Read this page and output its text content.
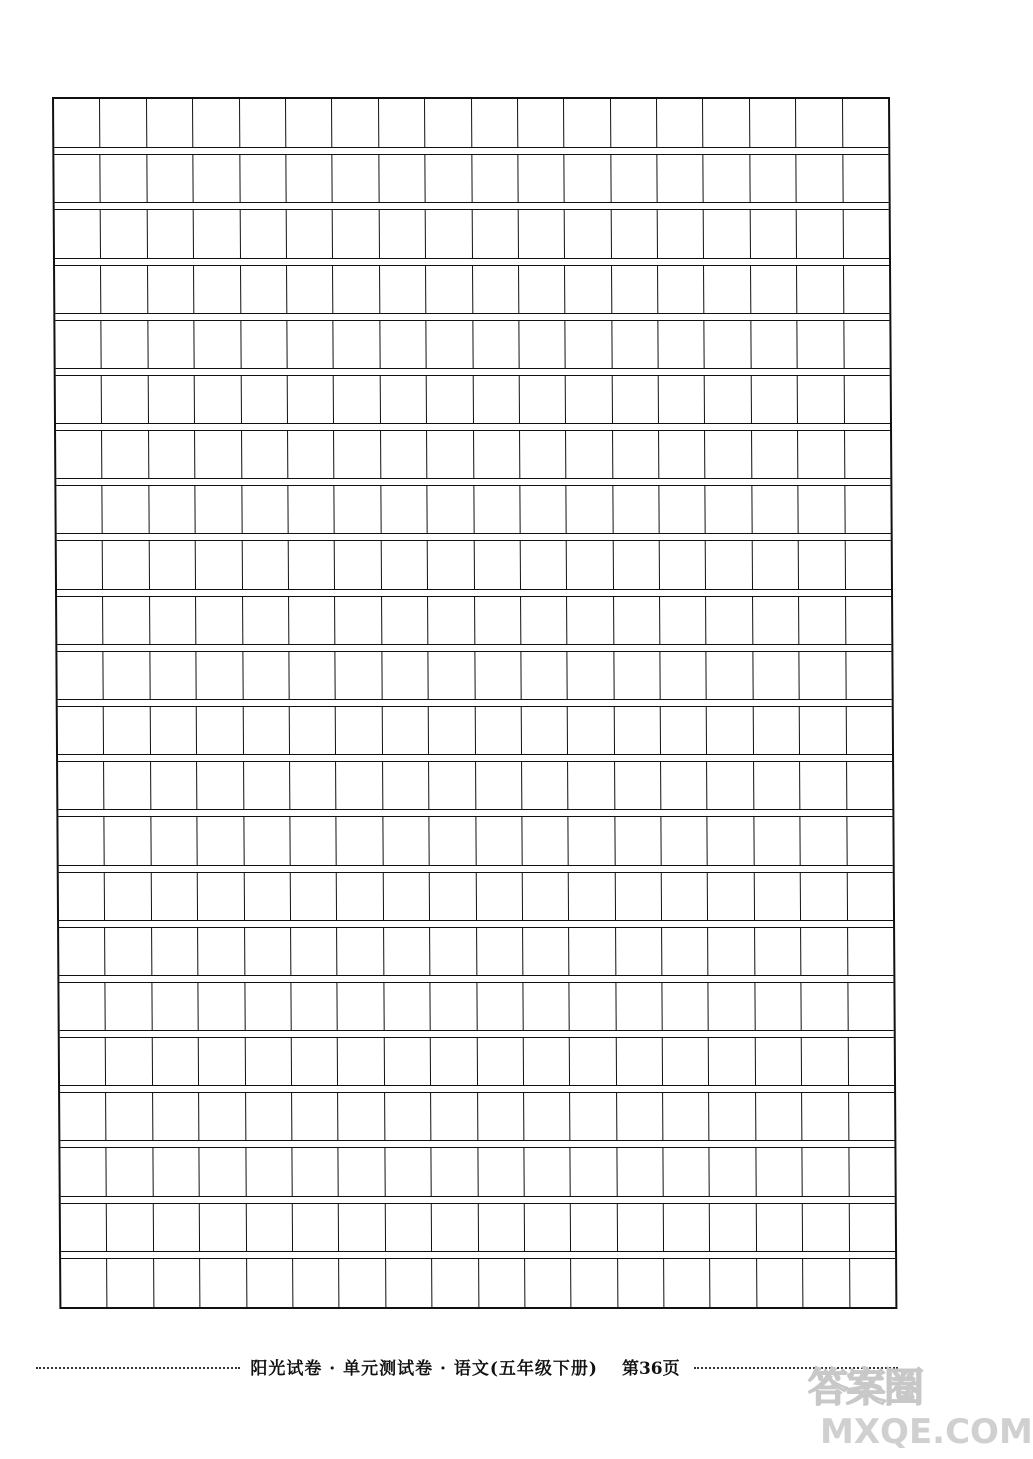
阳光试卷 · 单元测试卷 · 语文(五年级下册)	第36页	答案圈
MXQE.COM
